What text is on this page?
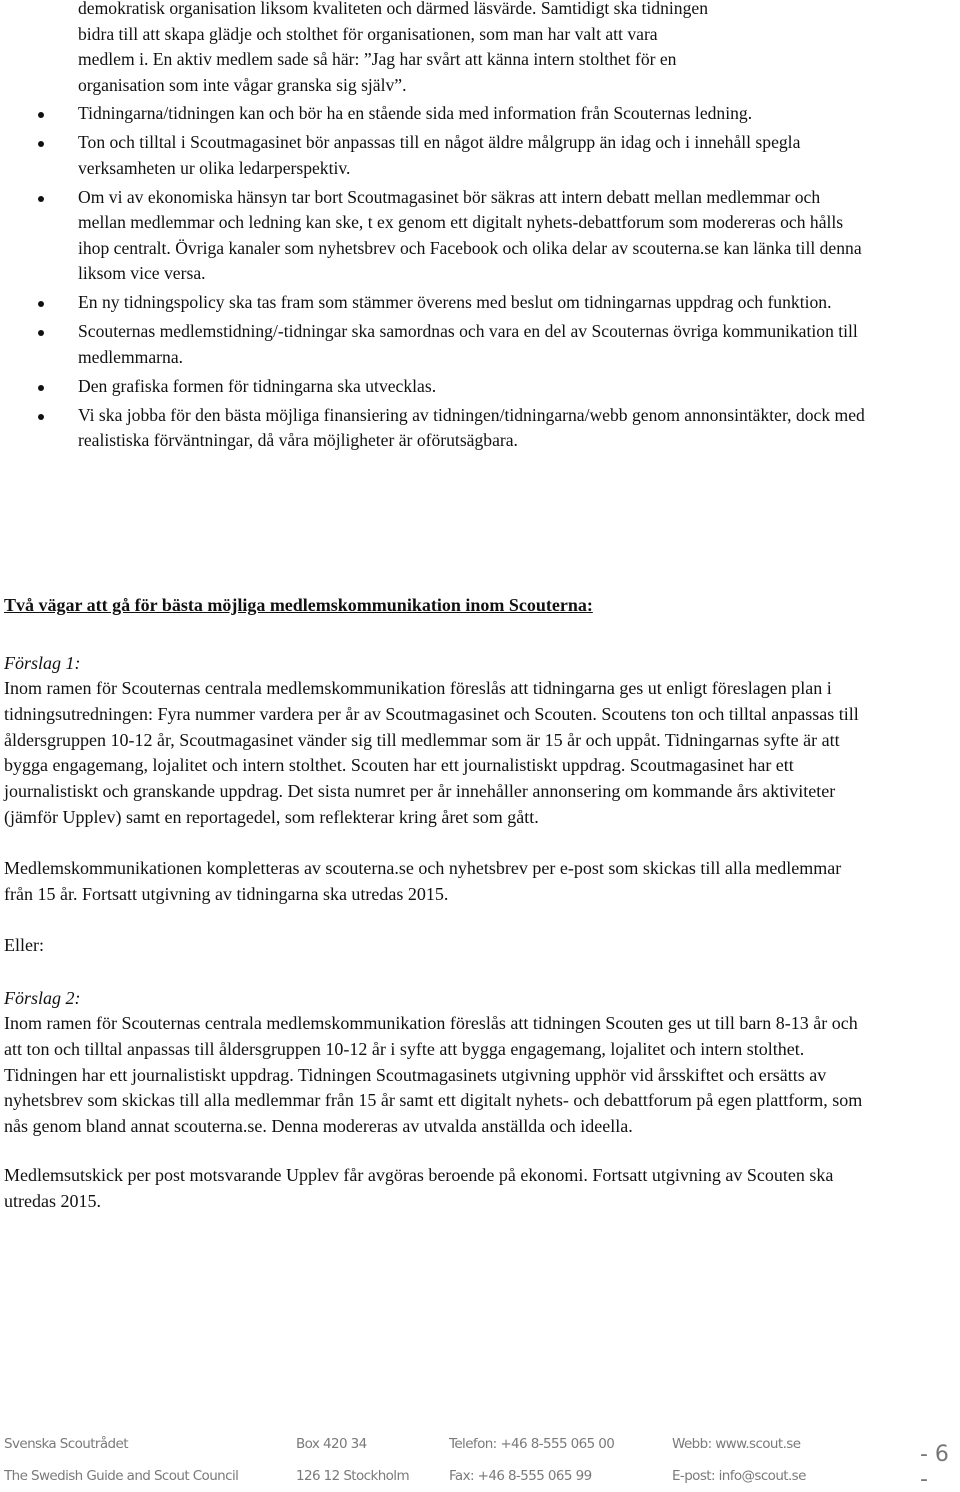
demokratisk organisation liksom kvaliteten och därmed läsvärde. Samtidigt ska tidningen
bidra till att skapa glädje och stolthet för organisationen, som man har valt att vara
medlem i. En aktiv medlem sade så här: ”Jag har svårt att känna intern stolthet för en
organisation som inte vågar granska sig själv”.
Tidningarna/tidningen kan och bör ha en stående sida med information från Scouternas ledning.
Ton och tilltal i Scoutmagasinet bör anpassas till en något äldre målgrupp än idag och i innehåll spegla verksamheten ur olika ledarperspektiv.
Om vi av ekonomiska hänsyn tar bort Scoutmagasinet bör säkras att intern debatt mellan medlemmar och mellan medlemmar och ledning kan ske, t ex genom ett digitalt nyhets-debattforum som modereras och hålls ihop centralt. Övriga kanaler som nyhetsbrev och Facebook och olika delar av scouterna.se kan länka till denna liksom vice versa.
En ny tidningspolicy ska tas fram som stämmer överens med beslut om tidningarnas uppdrag och funktion.
Scouternas medlemstidning/-tidningar ska samordnas och vara en del av Scouternas övriga kommunikation till medlemmarna.
Den grafiska formen för tidningarna ska utvecklas.
Vi ska jobba för den bästa möjliga finansiering av tidningen/tidningarna/webb genom annonsintäkter, dock med realistiska förväntningar, då våra möjligheter är oförutsägbara.
Två vägar att gå för bästa möjliga medlemskommunikation inom Scouterna:

Förslag 1:

Inom ramen för Scouternas centrala medlemskommunikation föreslås att tidningarna ges ut enligt föreslagen plan i tidningsutredningen: Fyra nummer vardera per år av Scoutmagasinet och Scouten. Scoutens ton och tilltal anpassas till åldersgruppen 10-12 år, Scoutmagasinet vänder sig till medlemmar som är 15 år och uppåt. Tidningarnas syfte är att bygga engagemang, lojalitet och intern stolthet. Scouten har ett journalistiskt uppdrag. Scoutmagasinet har ett journalistiskt och granskande uppdrag. Det sista numret per år innehåller annonsering om kommande års aktiviteter (jämför Upplev) samt en reportagedel, som reflekterar kring året som gått.

Medlemskommunikationen kompletteras av scouterna.se och nyhetsbrev per e-post som skickas till alla medlemmar från 15 år. Fortsatt utgivning av tidningarna ska utredas 2015.

Eller:

Förslag 2:

Inom ramen för Scouternas centrala medlemskommunikation föreslås att tidningen Scouten ges ut till barn 8-13 år och att ton och tilltal anpassas till åldersgruppen 10-12 år i syfte att bygga engagemang, lojalitet och intern stolthet. Tidningen har ett journalistiskt uppdrag. Tidningen Scoutmagasinets utgivning upphör vid årsskiftet och ersätts av nyhetsbrev som skickas till alla medlemmar från 15 år samt ett digitalt nyhets- och debattforum på egen plattform, som nås genom bland annat scouterna.se. Denna modereras av utvalda anställda och ideella.

Medlemsutskick per post motsvarande Upplev får avgöras beroende på ekonomi. Fortsatt utgivning av Scouten ska utredas 2015.

Svenska Scoutrådet
The Swedish Guide and Scout Council
Box 420 34
126 12 Stockholm
Telefon: +46 8-555 065 00
Fax: +46 8-555 065 99
Webb: www.scout.se
E-post: info@scout.se
- 6 -
